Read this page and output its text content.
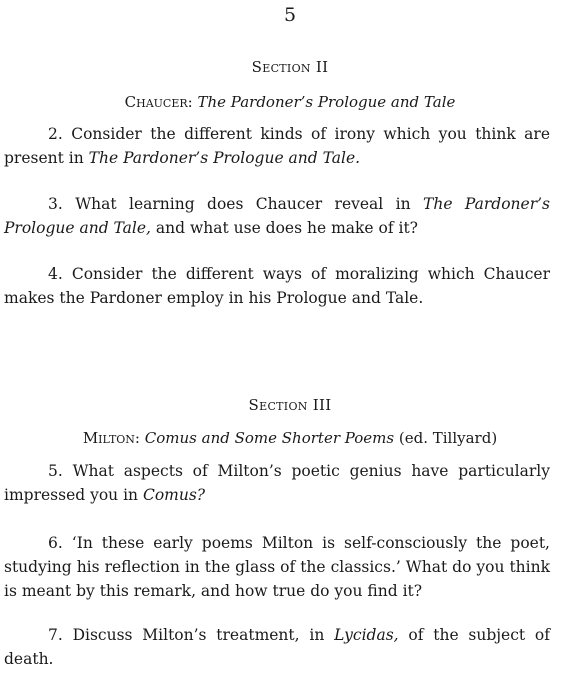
5
Section II
Chaucer: The Pardoner’s Prologue and Tale
2. Consider the different kinds of irony which you think are present in The Pardoner’s Prologue and Tale.
3. What learning does Chaucer reveal in The Pardoner’s Prologue and Tale, and what use does he make of it?
4. Consider the different ways of moralizing which Chaucer makes the Pardoner employ in his Prologue and Tale.
Section III
Milton: Comus and Some Shorter Poems (ed. Tillyard)
5. What aspects of Milton’s poetic genius have particularly impressed you in Comus?
6. ‘In these early poems Milton is self-consciously the poet, studying his reflection in the glass of the classics.’ What do you think is meant by this remark, and how true do you find it?
7. Discuss Milton’s treatment, in Lycidas, of the subject of death.
